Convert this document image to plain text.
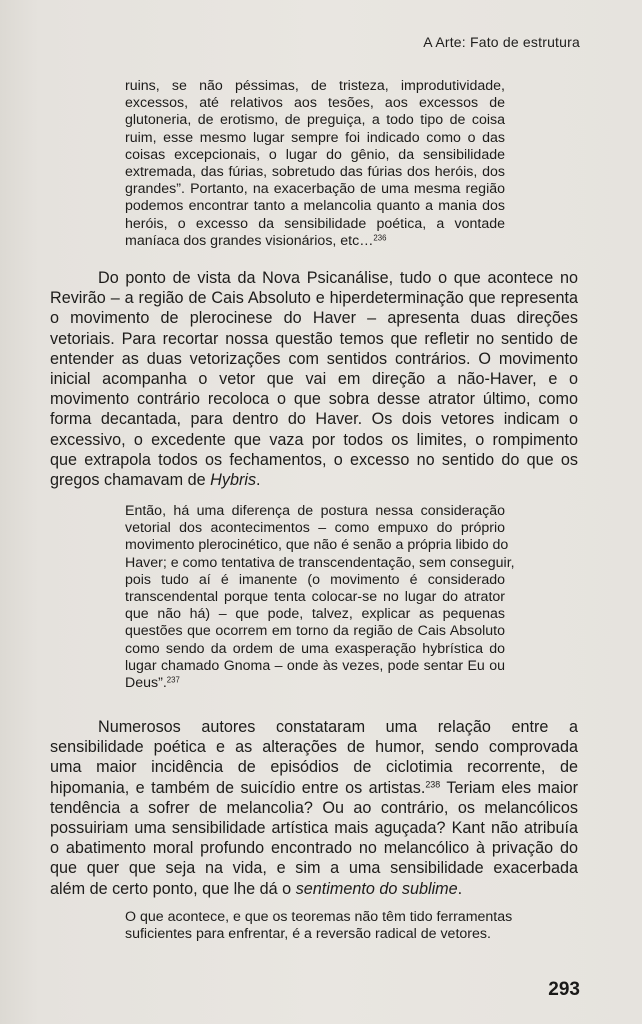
A Arte: Fato de estrutura
ruins, se não péssimas, de tristeza, improdutividade,
excessos, até relativos aos tesões, aos excessos de
glutoneria, de erotismo, de preguiça, a todo tipo de coisa
ruim, esse mesmo lugar sempre foi indicado como o das
coisas excepcionais, o lugar do gênio, da sensibilidade
extremada, das fúrias, sobretudo das fúrias dos heróis, dos
grandes”. Portanto, na exacerbação de uma mesma região
podemos encontrar tanto a melancolia quanto a mania dos
heróis, o excesso da sensibilidade poética, a vontade
maníaca dos grandes visionários, etc…$^{236}$
Do ponto de vista da Nova Psicanálise, tudo o que acontece no
Revirão – a região de Cais Absoluto e hiperdeterminação que representa
o movimento de plerocinese do Haver – apresenta duas direções
vetoriais. Para recortar nossa questão temos que refletir no sentido de
entender as duas vetorizações com sentidos contrários. O movimento
inicial acompanha o vetor que vai em direção a não-Haver, e o
movimento contrário recoloca o que sobra desse atrator último, como
forma decantada, para dentro do Haver. Os dois vetores indicam o
excessivo, o excedente que vaza por todos os limites, o rompimento
que extrapola todos os fechamentos, o excesso no sentido do que os
gregos chamavam de Hybris.
Então, há uma diferença de postura nessa consideração
vetorial dos acontecimentos – como empuxo do próprio
movimento plerocinético, que não é senão a própria libido do
Haver; e como tentativa de transcendentação, sem conseguir,
pois tudo aí é imanente (o movimento é considerado
transcendental porque tenta colocar-se no lugar do atrator
que não há) – que pode, talvez, explicar as pequenas
questões que ocorrem em torno da região de Cais Absoluto
como sendo da ordem de uma exasperação hybrística do
lugar chamado Gnoma – onde às vezes, pode sentar Eu ou
Deus”.$^{237}$
Numerosos autores constataram uma relação entre a
sensibilidade poética e as alterações de humor, sendo comprovada
uma maior incidência de episódios de ciclotimia recorrente, de
hipomania, e também de suicídio entre os artistas.$^{238}$ Teriam eles maior
tendência a sofrer de melancolia? Ou ao contrário, os melancólicos
possuiriam uma sensibilidade artística mais aguçada? Kant não atribuía
o abatimento moral profundo encontrado no melancólico à privação do
que quer que seja na vida, e sim a uma sensibilidade exacerbada
além de certo ponto, que lhe dá o sentimento do sublime.
O que acontece, e que os teoremas não têm tido ferramentas
suficientes para enfrentar, é a reversão radical de vetores.
293
